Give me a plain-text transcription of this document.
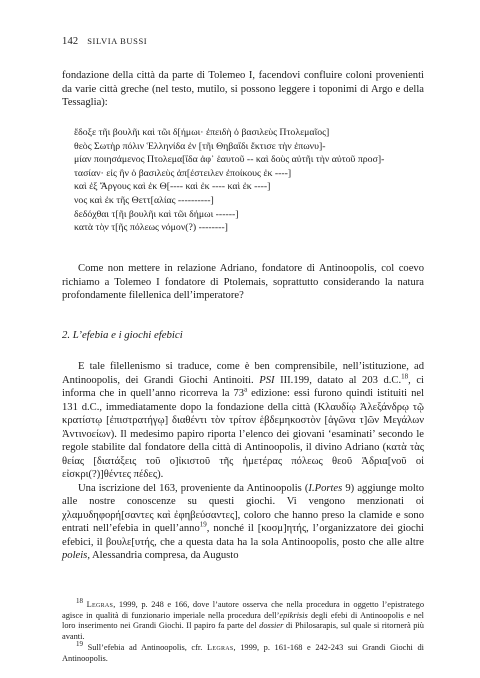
142 SILVIA BUSSI

fondazione della città da parte di Tolemeo I, facendovi confluire coloni provenienti da varie città greche (nel testo, mutilo, si possono leggere i toponimi di Argo e della Tessaglia):

ἔδοξε τῆι βουλῆι καὶ τῶι δ[ήμωι· ἐπειδὴ ὁ βασιλεὺς Πτολεμαῖος]
θεὸς Σωτὴρ πόλιν Ἑλληνίδα ἐν [τῆι Θηβαΐδι ἔκτισε τὴν ἐπωνυ]-
μίαν ποιησάμενος Πτολεμα[ΐδα ἀφ᾽ ἑαυτοῦ -- καὶ δοὺς αὐτῆι τὴν αὐτοῦ προσ]-
τασίαν· εἰς ἣν ὁ βασιλεὺς ἀπ[έστειλεν ἐποίκους ἐκ ----]
καὶ ἐξ Ἄργους καὶ ἐκ Θ[---- καὶ ἐκ ---- καὶ ἐκ ----]
νος καὶ ἐκ τῆς Θεττ[αλίας ----------]
δεδόχθαι τ[ῆι βουλῆι καὶ τῶι δήμωι ------]
κατὰ τὸ̣ν τ[ῆς πόλεως νόμον(?) --------]

Come non mettere in relazione Adriano, fondatore di Antinoopolis, col coevo richiamo a Tolemeo I fondatore di Ptolemais, soprattutto considerando la natura profondamente filellenica dell’imperatore?

2. L’efebia e i giochi efebici

E tale filellenismo si traduce, come è ben comprensibile, nell’istituzione, ad Antinoopolis, dei Grandi Giochi Antinoiti. PSI III.199, datato al 203 d.C.$^{18}$, ci informa che in quell’anno ricorreva la 73$^a$ edizione: essi furono quindi istituiti nel 131 d.C., immediatamente dopo la fondazione della città (Κλαυδίῳ Ἀλεξάνδρῳ τῷ κρατίστῳ [ἐπιστρατήγῳ] διαθέντι τὸν τρίτον ἑβδεμηκοστὸν [ἀγῶνα τ]ῶν Μεγάλων Ἀντινοείων). Il medesimo papiro riporta l’elenco dei giovani ‘esaminati’ secondo le regole stabilite dal fondatore della città di Antinoopolis, il divino Adriano (κατὰ τὰς θείας [διατάξεις τοῦ ο]ἰκιστοῦ τῆς ἡμετέρας πόλεως θεοῦ Ἀδρια[νοῦ οἱ εἰσκρι(?)]θέντες πέδες).

Una iscrizione del 163, proveniente da Antinoopolis (I.Portes 9) aggiunge molto alle nostre conoscenze su questi giochi. Vi vengono menzionati oἱ χλαμυδηφορή[σαντες καὶ ἐφηβεύσαντες], coloro che hanno preso la clamide e sono entrati nell’efebia in quell’anno$^{19}$, nonché il [κοσμ]ητής, l’organizzatore dei giochi efebici, il βουλε[υτής, che a questa data ha la sola Antinoopolis, posto che alle altre poleis, Alessandria compresa, da Augusto

$^{18}$ Legras, 1999, p. 248 e 166, dove l’autore osserva che nella procedura in oggetto l’epistratego agisce in qualità di funzionario imperiale nella procedura dell’epikrisis degli efebi di Antinoopolis e nel loro inserimento nei Grandi Giochi. Il papiro fa parte del dossier di Philosarapis, sul quale si ritornerà più avanti.

$^{19}$ Sull’efebia ad Antinoopolis, cfr. Legras, 1999, p. 161-168 e 242-243 sui Grandi Giochi di Antinoopolis.
